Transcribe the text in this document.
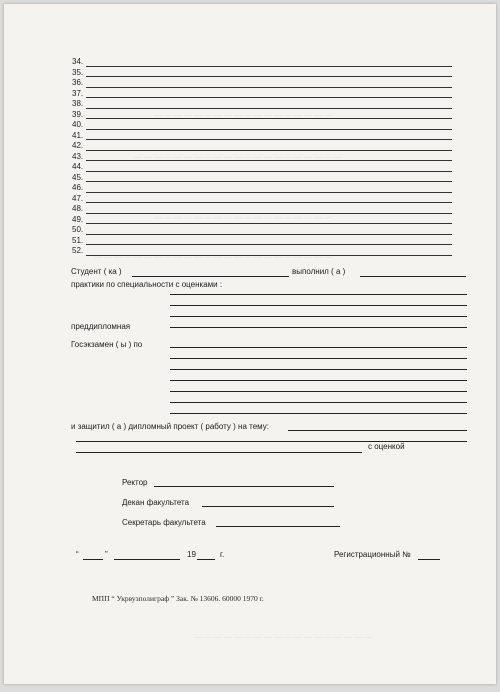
— — — — — — — — — — — — — — — — — —
— — — — — — — — — — — — — — — — — — — — —
— — — — — — — — — — — — — — — — — —
— — — — — — — — — — — — — — — — — — — — — — — —
— — — — — — — — — — — — — — — — — —
34.
35.
36.
37.
38.
39.
40.
41.
42.
43.
44.
45.
46.
47.
48.
49.
50.
51.
52.
Студент ( ка )	выполнил ( а )
практики по специальности с оценками :
преддипломная
Госэкзамен ( ы ) по
и защитил ( а ) дипломный проект ( работу ) на тему:
с оценкой
Ректор
Декан факультета
Секретарь факультета
“	”	19	г.	Регистрационный №
МПП “ Укрвузполиграф ” Зак. № 13606. 60000 1970 г.
